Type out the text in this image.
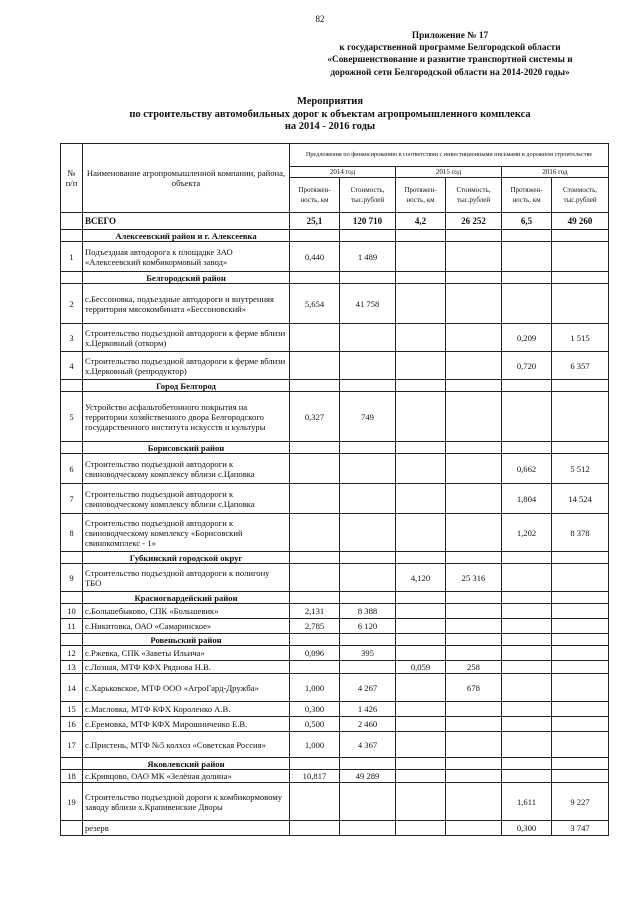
82
Приложение № 17
к государственной программе Белгородской области
«Совершенствование и развитие транспортной системы и
дорожной сети Белгородской области на 2014-2020 годы»
Мероприятия
по строительству автомобильных дорог к объектам агропромышленного комплекса
на 2014 - 2016 годы
№ п/п	Наименование агропромышленной компании, района, объекта	Предложения по финансированию в соответствии с инвестиционными письмами в дорожном строительстве					
		2014 год		2015 год		2016 год	
		Протяжен-ность, км	Стоимость, тыс.рублей	Протяжен-ность, км	Стоимость, тыс.рублей	Протяжен-ность, км	Стоимость, тыс.рублей
	ВСЕГО	25,1	120 710	4,2	26 252	6,5	49 260
	Алексеевский район и г. Алексеевка						
1	Подъездная автодорога к площадке ЗАО «Алексеевский комбикормовый завод»	0,440	1 489				
	Белгородский район						
2	с.Бессоновка, подъездные автодороги и внутренняя территория мясокомбината «Бессоновский»	5,654	41 758				
3	Строительство подъездной автодороги к ферме вблизи х.Церковный (откорм)					0,209	1 515
4	Строительство подъездной автодороги к ферме вблизи х.Церковный (репродуктор)					0,720	6 357
	Город Белгород						
5	Устройство асфальтобетонного покрытия на территории хозяйственного двора Белгородского государственного института искусств и культуры	0,327	749				
	Борисовский район						
6	Строительство подъездной автодороги к свиноводческому комплексу вблизи с.Цаповка					0,662	5 512
7	Строительство подъездной автодороги к свиноводческому комплексу вблизи с.Цаповка					1,804	14 524
8	Строительство подъездной автодороги к свиноводческому комплексу «Борисовский свинокомплекс - 1»					1,202	8 378
	Губкинский городской округ						
9	Строительство подъездной автодороги к полигону ТБО			4,120	25 316		
	Красногвардейский район						
10	с.Большебыково, СПК «Большевик»	2,131	8 388				
11	с.Никитовка, ОАО «Самаринское»	2,785	6 120				
	Ровеньский район						
12	с.Ржевка, СПК «Заветы Ильича»	0,096	395				
13	с.Лозная, МТФ КФХ Ряднова Н.В.			0,059	258		
14	с.Харьковское, МТФ ООО «АгроГард-Дружба»	1,000	4 267		678		
15	с.Масловка, МТФ КФХ Короленко А.В.	0,300	1 426				
16	с.Еремовка, МТФ КФХ Мирошниченко Е.В.	0,500	2 460				
17	с.Пристень, МТФ №5 колхоз «Советская Россия»	1,000	4 367				
	Яковлевский район						
18	с.Кривцово, ОАО МК «Зелёная долина»	10,817	49 289				
19	Строительство подъездной дороги к комбикормовому заводу вблизи х.Крапивенские Дворы					1,611	9 227
	резерв					0,300	3 747
